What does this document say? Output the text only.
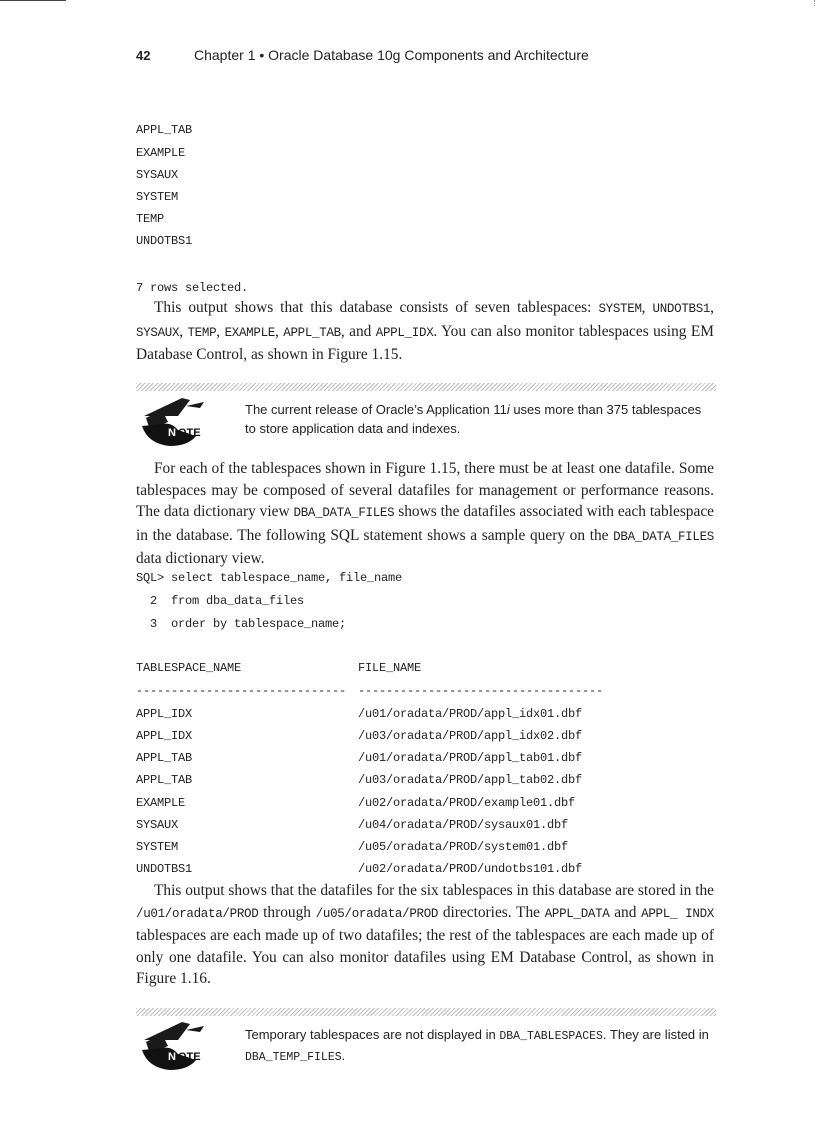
42	Chapter 1 • Oracle Database 10g Components and Architecture
APPL_TAB
EXAMPLE
SYSAUX
SYSTEM
TEMP
UNDOTBS1
7 rows selected.
This output shows that this database consists of seven tablespaces: SYSTEM, UNDOTBS1, SYSAUX, TEMP, EXAMPLE, APPL_TAB, and APPL_IDX. You can also monitor tablespaces using EM Database Control, as shown in Figure 1.15.
N OTE
The current release of Oracle’s Application 11i uses more than 375 tablespaces to store application data and indexes.
For each of the tablespaces shown in Figure 1.15, there must be at least one datafile. Some tablespaces may be composed of several datafiles for management or performance reasons. The data dictionary view DBA_DATA_FILES shows the datafiles associated with each tablespace in the database. The following SQL statement shows a sample query on the DBA_DATA_FILES data dictionary view.
SQL> select tablespace_name, file_name
2  from dba_data_files
3  order by tablespace_name;
TABLESPACE_NAME	FILE_NAME
------------------------------ -----------------------------------
APPL_IDX	/u01/oradata/PROD/appl_idx01.dbf
APPL_IDX	/u03/oradata/PROD/appl_idx02.dbf
APPL_TAB	/u01/oradata/PROD/appl_tab01.dbf
APPL_TAB	/u03/oradata/PROD/appl_tab02.dbf
EXAMPLE	/u02/oradata/PROD/example01.dbf
SYSAUX	/u04/oradata/PROD/sysaux01.dbf
SYSTEM	/u05/oradata/PROD/system01.dbf
UNDOTBS1	/u02/oradata/PROD/undotbs101.dbf
This output shows that the datafiles for the six tablespaces in this database are stored in the /u01/oradata/PROD through /u05/oradata/PROD directories. The APPL_DATA and APPL_ INDX tablespaces are each made up of two datafiles; the rest of the tablespaces are each made up of only one datafile. You can also monitor datafiles using EM Database Control, as shown in Figure 1.16.
N OTE
Temporary tablespaces are not displayed in DBA_TABLESPACES. They are listed in DBA_TEMP_FILES.
